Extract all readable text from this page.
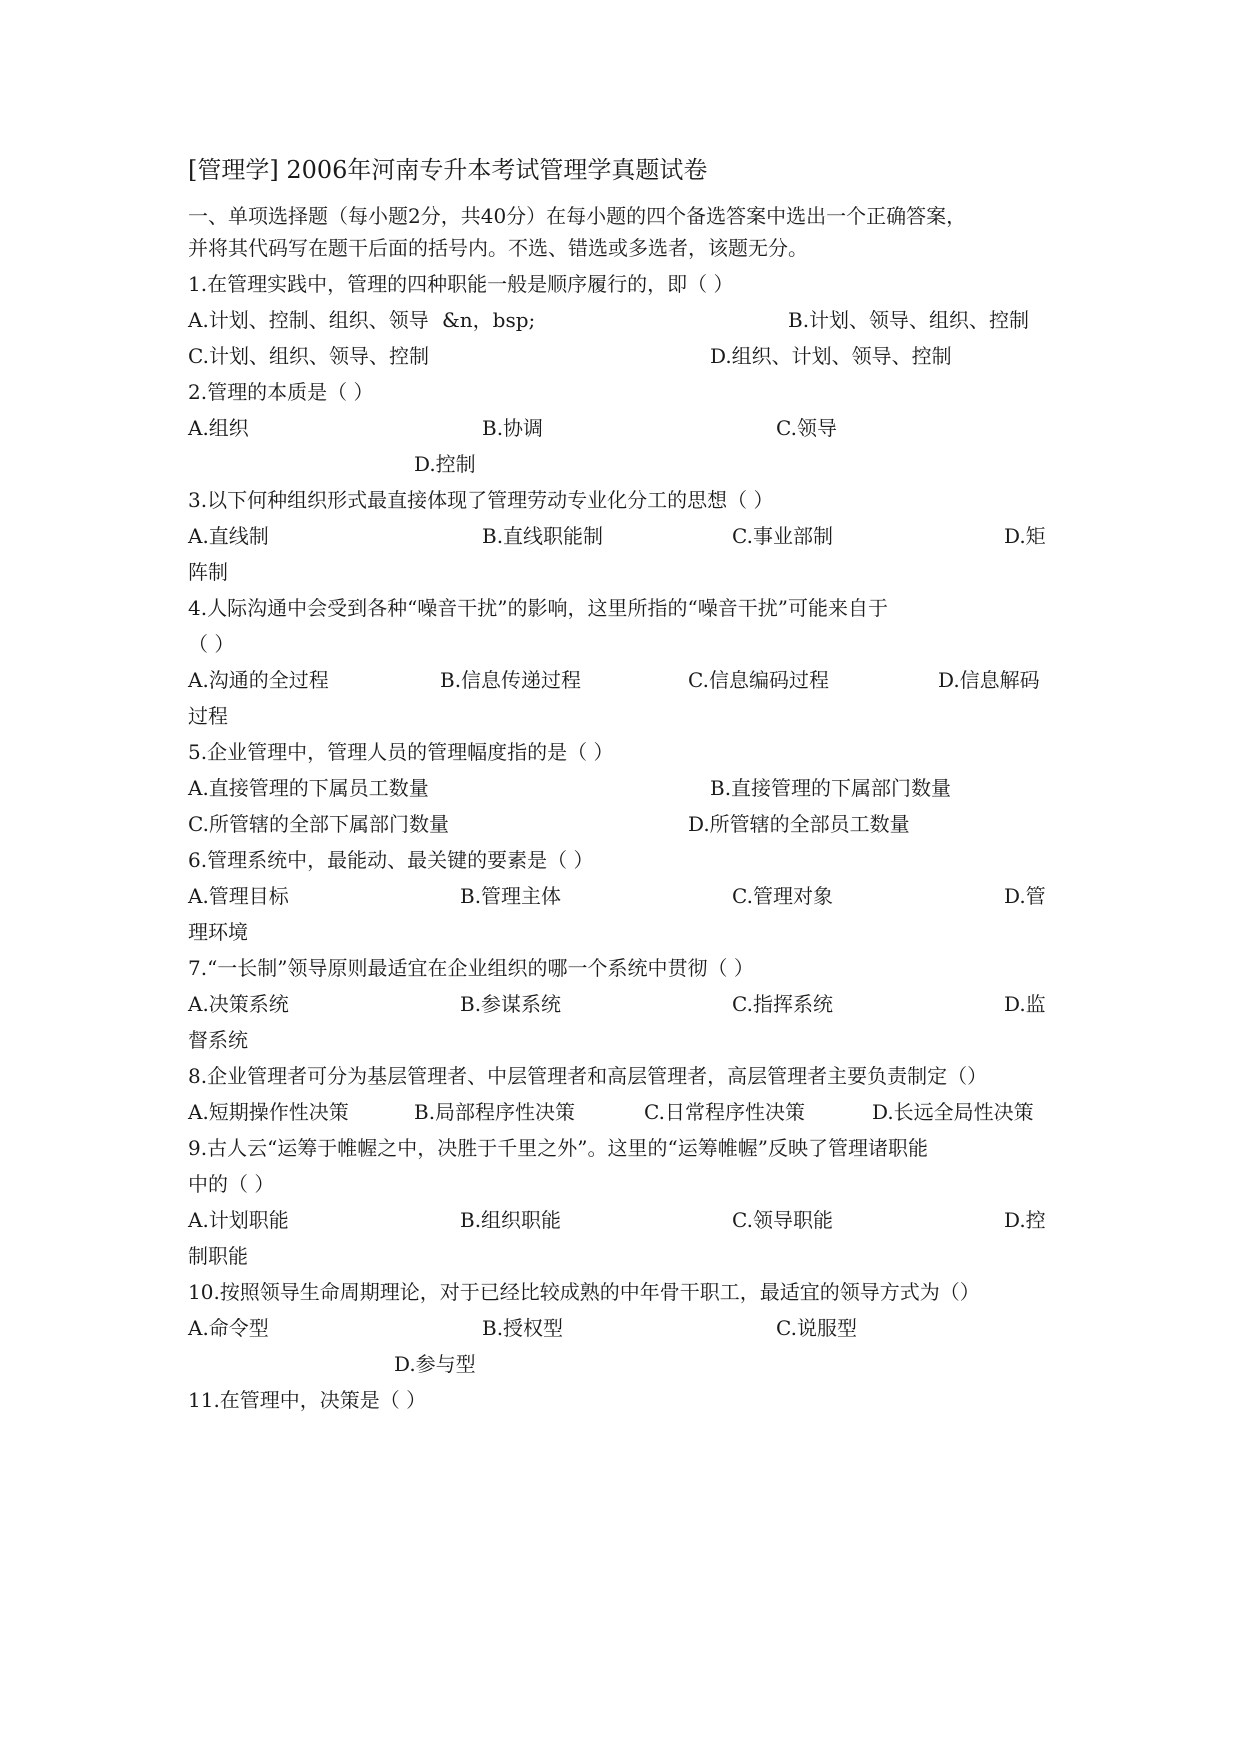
[管理学] 2006年河南专升本考试管理学真题试卷
一、单项选择题（每小题2分，共40分）在每小题的四个备选答案中选出一个正确答案，
并将其代码写在题干后面的括号内。不选、错选或多选者，该题无分。
1.在管理实践中，管理的四种职能一般是顺序履行的，即（ ）
A.计划、控制、组织、领导 &n，bsp;	B.计划、领导、组织、控制
C.计划、组织、领导、控制	D.组织、计划、领导、控制
2.管理的本质是（ ）
A.组织	B.协调	C.领导
D.控制
3.以下何种组织形式最直接体现了管理劳动专业化分工的思想（ ）
A.直线制	B.直线职能制	C.事业部制	D.矩
阵制
4.人际沟通中会受到各种“噪音干扰”的影响，这里所指的“噪音干扰”可能来自于
（ ）
A.沟通的全过程	B.信息传递过程	C.信息编码过程	D.信息解码
过程
5.企业管理中，管理人员的管理幅度指的是（ ）
A.直接管理的下属员工数量	B.直接管理的下属部门数量
C.所管辖的全部下属部门数量	D.所管辖的全部员工数量
6.管理系统中，最能动、最关键的要素是（ ）
A.管理目标	B.管理主体	C.管理对象	D.管
理环境
7.“一长制”领导原则最适宜在企业组织的哪一个系统中贯彻（ ）
A.决策系统	B.参谋系统	C.指挥系统	D.监
督系统
8.企业管理者可分为基层管理者、中层管理者和高层管理者，高层管理者主要负责制定（）
A.短期操作性决策	B.局部程序性决策	C.日常程序性决策	D.长远全局性决策
9.古人云“运筹于帷幄之中，决胜于千里之外”。这里的“运筹帷幄”反映了管理诸职能
中的（ ）
A.计划职能	B.组织职能	C.领导职能	D.控
制职能
10.按照领导生命周期理论，对于已经比较成熟的中年骨干职工，最适宜的领导方式为（）
A.命令型	B.授权型	C.说服型
D.参与型
11.在管理中，决策是（ ）
